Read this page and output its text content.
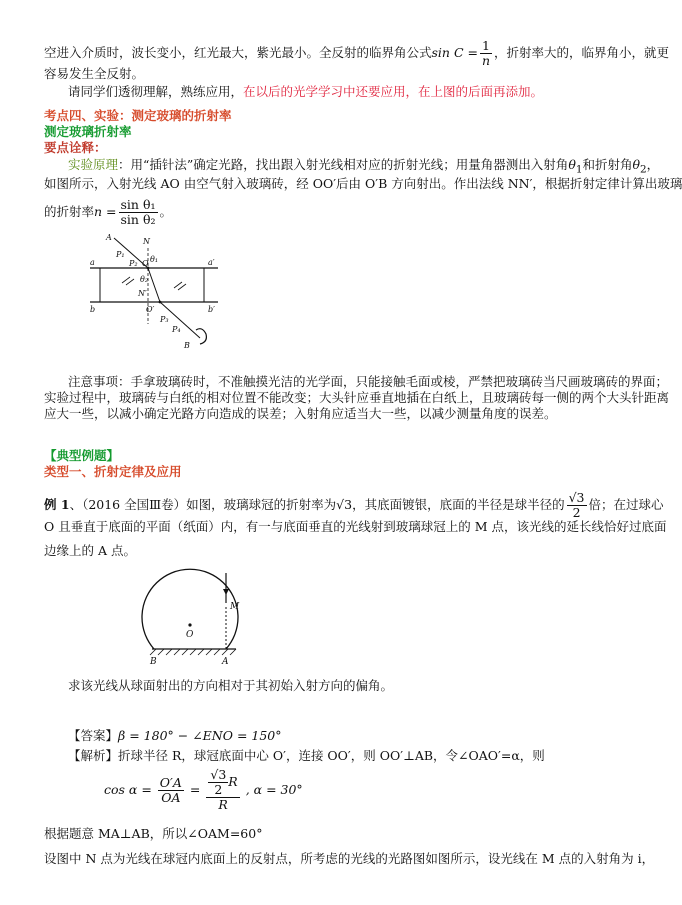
空进入介质时，波长变小，红光最大，紫光最小。全反射的临界角公式$\sin C = \frac{1}{n}$ ，折射率大的，临界角小，就更
容易发生全反射。
请同学们透彻理解，熟练应用，在以后的光学学习中还要应用，在上图的后面再添加。
考点四、实验：测定玻璃的折射率
测定玻璃折射率
要点诠释：
实验原理：用“插针法”确定光路，找出跟入射光线相对应的折射光线；用量角器测出入射角$\theta_1$和折射角$\theta_2$，
如图所示，入射光线 AO 由空气射入玻璃砖，经 OO′后由 O′B 方向射出。作出法线 NN′，根据折射定律计算出玻璃
的折射率$n = \frac{\text{sin θ₁}}{\text{sin θ₂}}$ 。
A	N
P₁
P₂ θ₁
O
a	a′
θ₂
N′
O′
b	b′
P₃
P₄
B
注意事项：手拿玻璃砖时，不准触摸光洁的光学面，只能接触毛面或棱，严禁把玻璃砖当尺画玻璃砖的界面；
实验过程中，玻璃砖与白纸的相对位置不能改变；大头针应垂直地插在白纸上，且玻璃砖每一侧的两个大头针距离
应大一些，以减小确定光路方向造成的误差；入射角应适当大一些，以减少测量角度的误差。
【典型例题】
类型一、折射定律及应用
例 1、（2016 全国Ⅲ卷）如图，玻璃球冠的折射率为√3，其底面镀银，底面的半径是球半径的 $\frac{√3}{2}$ 倍；在过球心
O 且垂直于底面的平面（纸面）内，有一与底面垂直的光线射到玻璃球冠上的 M 点，该光线的延长线恰好过底面
边缘上的 A 点。
M
O
B	A
求该光线从球面射出的方向相对于其初始入射方向的偏角。
【答案】β = 180° − ∠ENO = 150°
【解析】折球半径 R，球冠底面中心 O′，连接 OO′，则 OO′⊥AB，令∠OAO′=α，则
$\cos \alpha = \frac{O'A}{OA} = \frac{\frac{√3}{2} R}{R}$ , α = 30°
根据题意 MA⊥AB，所以∠OAM=60°
设图中 N 点为光线在球冠内底面上的反射点，所考虑的光线的光路图如图所示，设光线在 M 点的入射角为 i，
